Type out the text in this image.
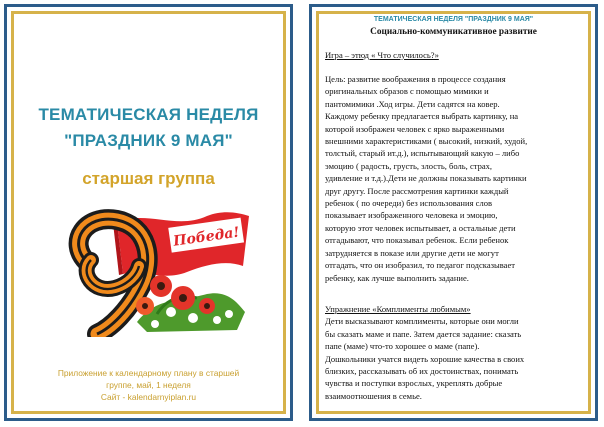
ТЕМАТИЧЕСКАЯ НЕДЕЛЯ
"ПРАЗДНИК 9 МАЯ"
старшая группа
Победа!
Приложение к календарному плану в старшей
группе, май, 1 неделя
Сайт - kalendarnyiplan.ru
ТЕМАТИЧЕСКАЯ НЕДЕЛЯ "ПРАЗДНИК 9 МАЯ"
Социально-коммуникативное развитие

Игра – этюд « Что случилось?»

Цель: развитие воображения в процессе создания

оригинальных образов с помощью мимики и

пантомимики .Ход игры. Дети садятся на ковер.

Каждому ребенку предлагается выбрать картинку, на

которой изображен человек с ярко выраженными

внешними характеристиками ( высокий, низкий, худой,

толстый, старый ит.д.), испытывающий какую – либо

эмоцию ( радость, грусть, злость, боль, страх,

удивление и т.д.).Дети не должны показывать картинки

друг другу. После рассмотрения картинки каждый

ребенок ( по очереди) без использования слов

показывает изображенного человека и эмоцию,

которую этот человек испытывает, а остальные дети

отгадывают, что показывал ребенок. Если ребенок

затрудняется в показе или другие дети не могут

отгадать, что он изобразил, то педагог подсказывает

ребенку, как лучше выполнить задание.

Упражнение «Комплименты любимым»

Дети высказывают комплименты, которые они могли

бы сказать маме и папе. Затем дается задание: сказать

папе (маме) что-то хорошее о маме (папе).

Дошкольники учатся видеть хорошие качества в своих

близких, рассказывать об их достоинствах, понимать

чувства и поступки взрослых, укреплять добрые

взаимоотношения в семье.
